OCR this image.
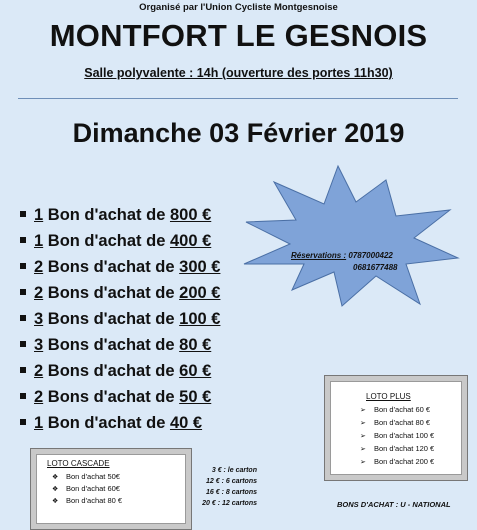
Organisé par l'Union Cycliste Montgesnoise
MONTFORT LE GESNOIS
Salle polyvalente : 14h (ouverture des portes 11h30)
Dimanche 03 Février 2019
1 Bon d'achat de 800 €
1 Bon d'achat de 400 €
2 Bons d'achat de 300 €
2 Bons d'achat de 200 €
3 Bons d'achat de 100 €
3 Bons d'achat de 80 €
2 Bons d'achat de 60 €
2 Bons d'achat de 50 €
1 Bon d'achat de 40 €
Réservations : 0787000422
0681677488
LOTO PLUS
➢ Bon d'achat 60 €
➢ Bon d'achat 80 €
➢ Bon d'achat 100 €
➢ Bon d'achat 120 €
➢ Bon d'achat 200 €
LOTO CASCADE
❖ Bon d'achat 50€
❖ Bon d'achat 60€
❖ Bon d'achat 80 €
3 € : le carton
12 € : 6 cartons
16 € : 8 cartons
20 € : 12 cartons	BONS D'ACHAT : U - NATIONAL
